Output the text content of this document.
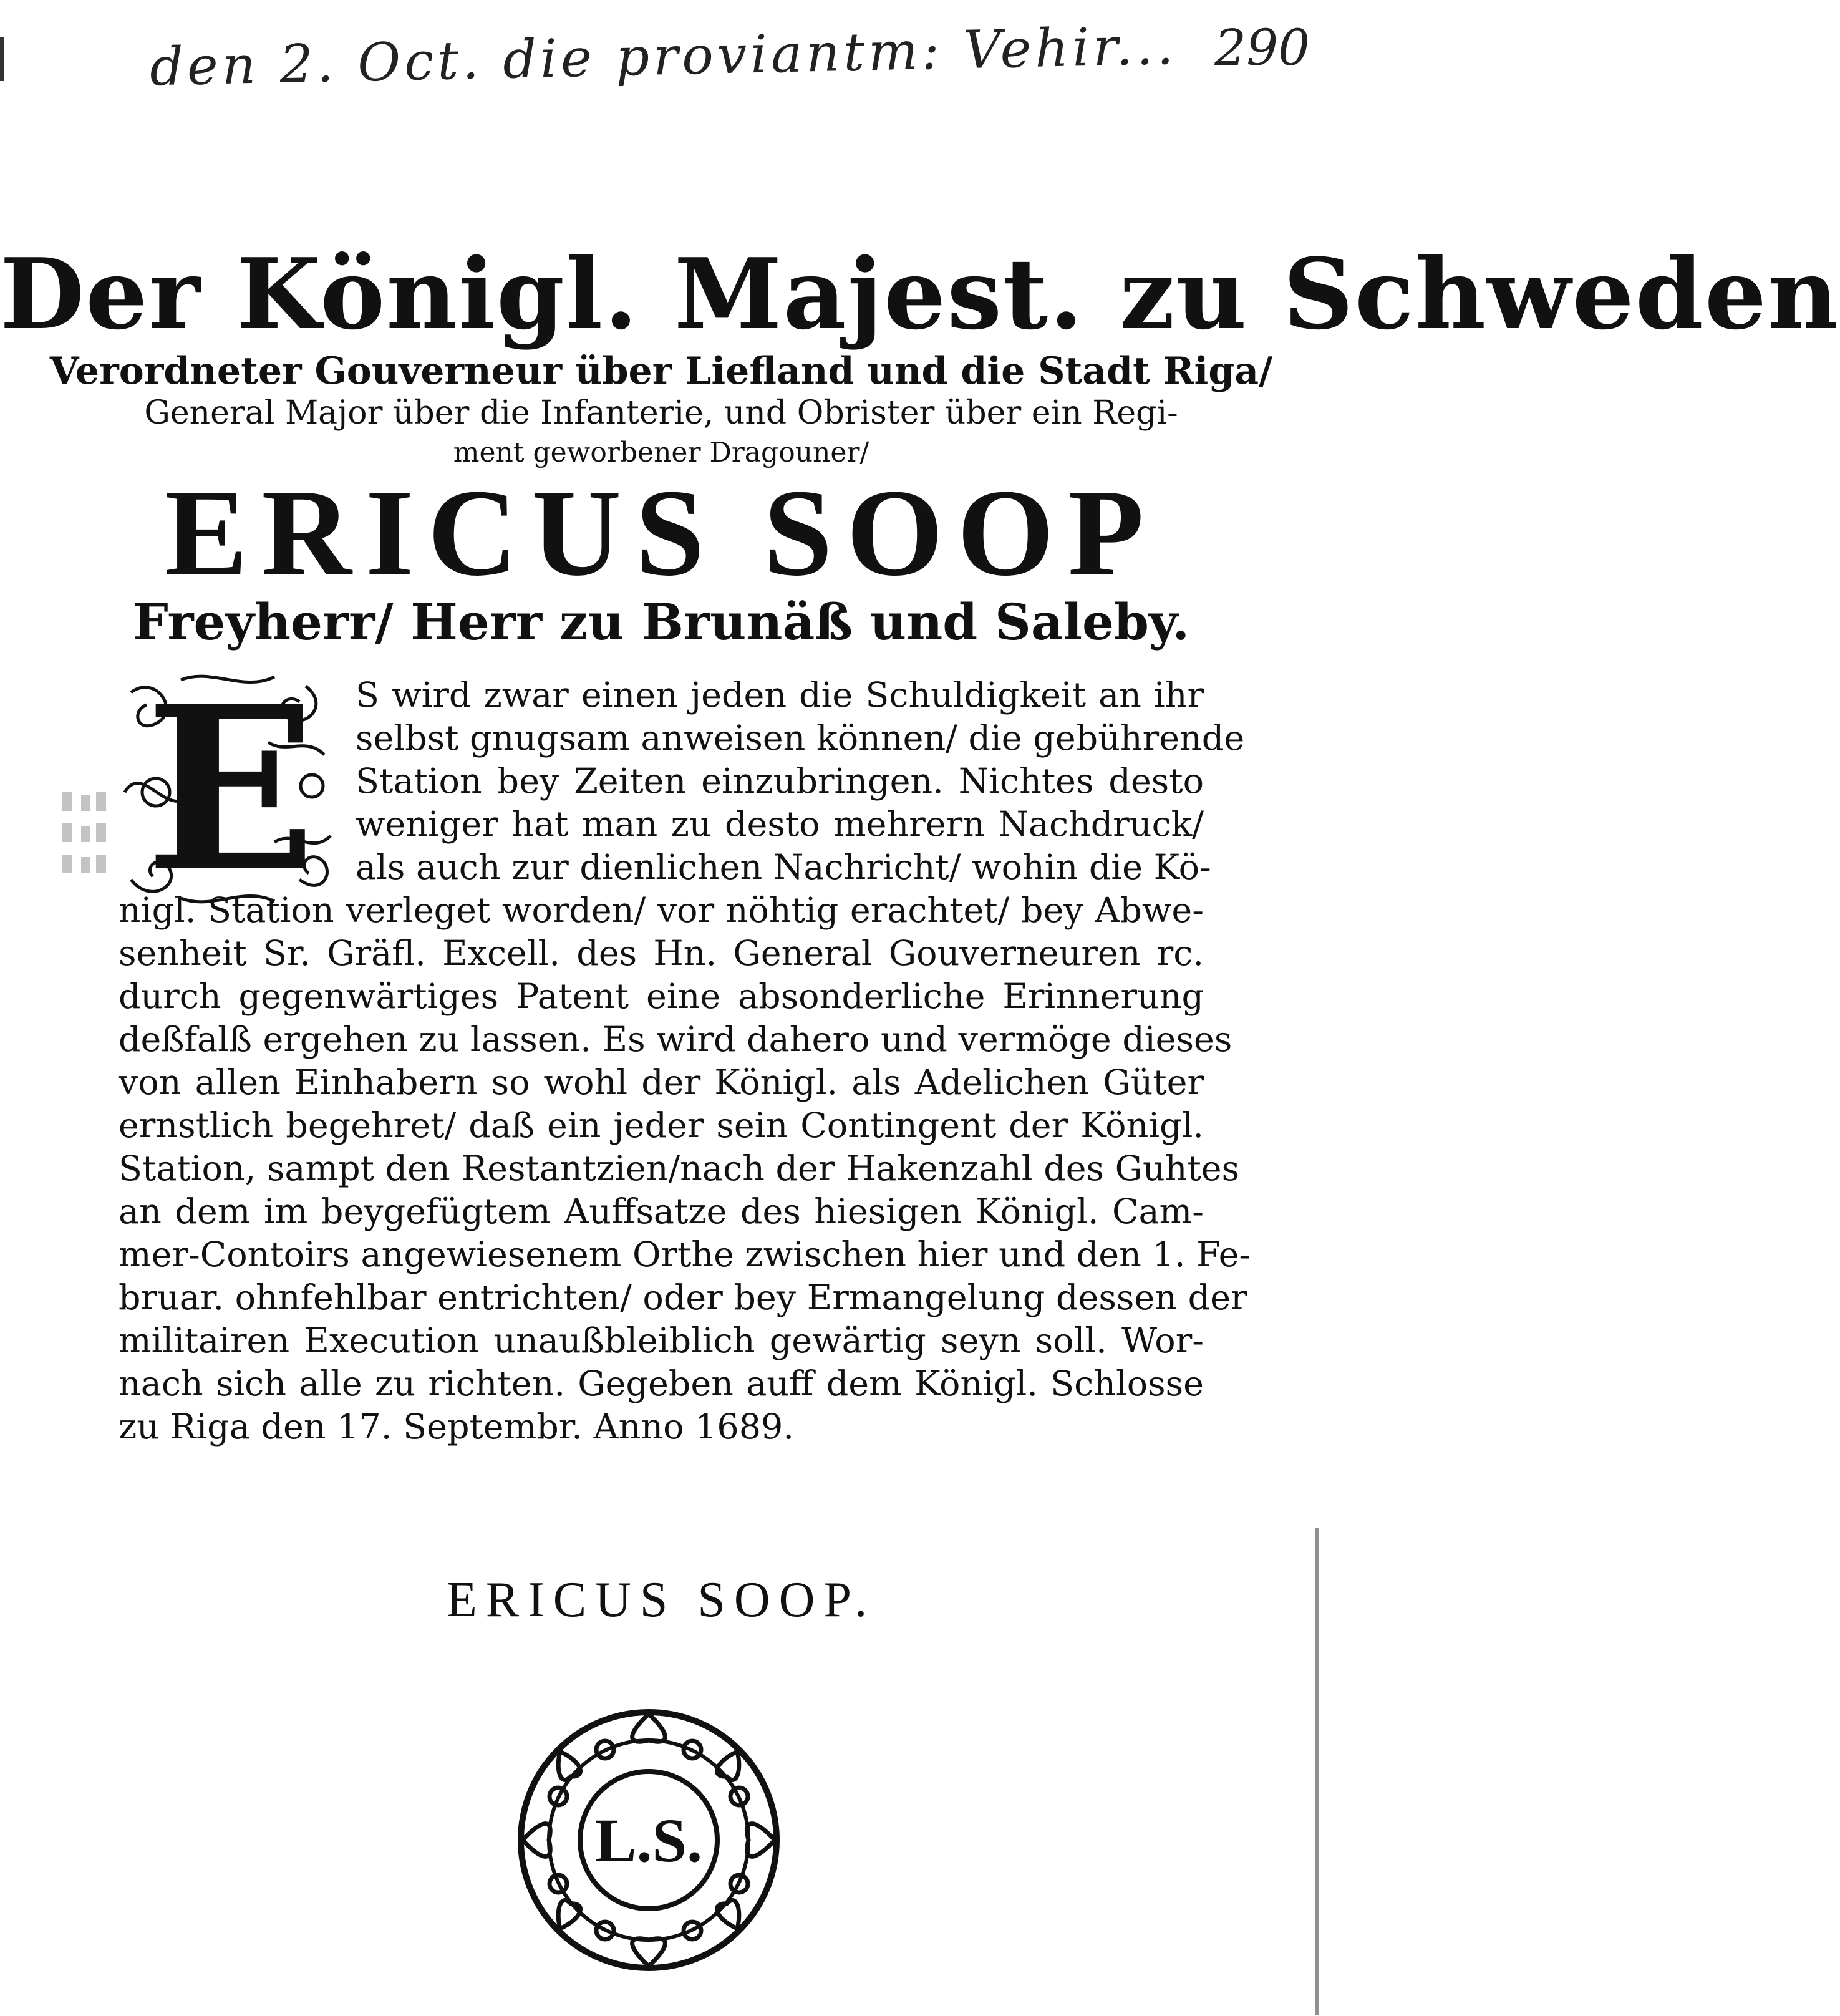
den 2. Oct. die proviantm: Vehir... 290
Der Königl. Majest. zu Schweden
Verordneter Gouverneur über Liefland und die Stadt Riga/
General Major über die Infanterie, und Obrister über ein Regi-
ment geworbener Dragouner/
ERICUS SOOP
Freyherr/ Herr zu Brunäß und Saleby.
E	S wird zwar einen jeden die Schuldigkeit an ihr
selbst gnugsam anweisen können/ die gebührende
Station bey Zeiten einzubringen. Nichtes desto
weniger hat man zu desto mehrern Nachdruck/
als auch zur dienlichen Nachricht/ wohin die Kö-
nigl. Station verleget worden/ vor nöhtig erachtet/ bey Abwe-
senheit Sr. Gräfl. Excell. des Hn. General Gouverneuren rc.
durch gegenwärtiges Patent eine absonderliche Erinnerung
deßfalß ergehen zu lassen. Es wird dahero und vermöge dieses
von allen Einhabern so wohl der Königl. als Adelichen Güter
ernstlich begehret/ daß ein jeder sein Contingent der Königl.
Station, sampt den Restantzien/nach der Hakenzahl des Guhtes
an dem im beygefügtem Auffsatze des hiesigen Königl. Cam-
mer-Contoirs angewiesenem Orthe zwischen hier und den 1. Fe-
bruar. ohnfehlbar entrichten/ oder bey Ermangelung dessen der
militairen Execution unaußbleiblich gewärtig seyn soll. Wor-
nach sich alle zu richten. Gegeben auff dem Königl. Schlosse
zu Riga den 17. Septembr. Anno 1689.
ERICUS SOOP.
L.S.
